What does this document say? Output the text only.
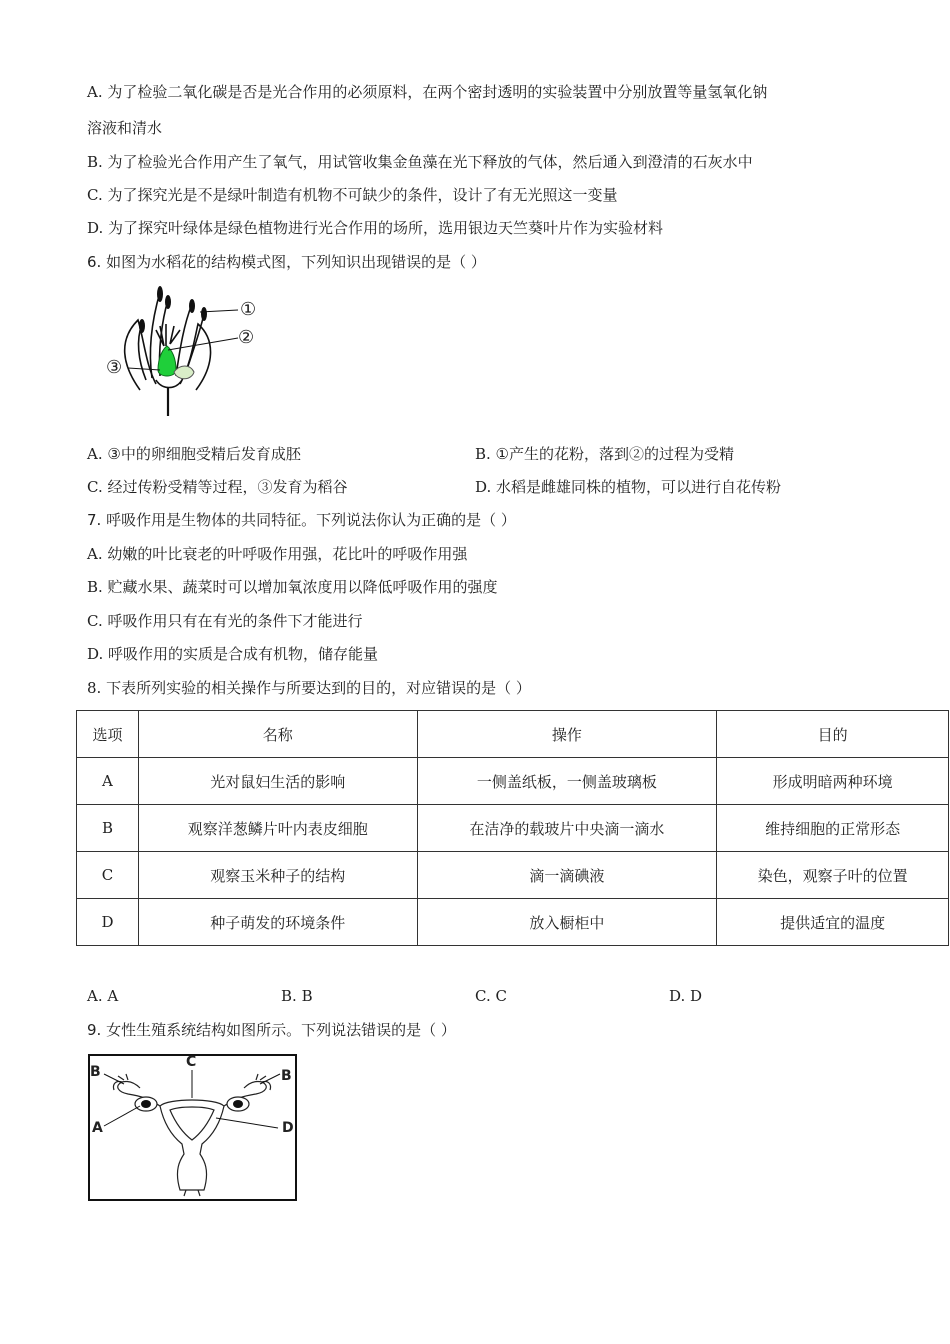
A. 为了检验二氧化碳是否是光合作用的必须原料，在两个密封透明的实验装置中分别放置等量氢氧化钠
溶液和清水
B. 为了检验光合作用产生了氧气，用试管收集金鱼藻在光下释放的气体，然后通入到澄清的石灰水中
C. 为了探究光是不是绿叶制造有机物不可缺少的条件，设计了有无光照这一变量
D. 为了探究叶绿体是绿色植物进行光合作用的场所，选用银边天竺葵叶片作为实验材料
6. 如图为水稻花的结构模式图，下列知识出现错误的是（ ）
①
②
③
A. ③中的卵细胞受精后发育成胚	B. ①产生的花粉，落到②的过程为受精
C. 经过传粉受精等过程，③发育为稻谷	D. 水稻是雌雄同株的植物，可以进行自花传粉
7. 呼吸作用是生物体的共同特征。下列说法你认为正确的是（ ）
A. 幼嫩的叶比衰老的叶呼吸作用强，花比叶的呼吸作用强
B. 贮藏水果、蔬菜时可以增加氧浓度用以降低呼吸作用的强度
C. 呼吸作用只有在有光的条件下才能进行
D. 呼吸作用的实质是合成有机物，储存能量
8. 下表所列实验的相关操作与所要达到的目的，对应错误的是（ ）
选项	名称	操作	目的
A	光对鼠妇生活的影响	一侧盖纸板，一侧盖玻璃板	形成明暗两种环境
B	观察洋葱鳞片叶内表皮细胞	在洁净的载玻片中央滴一滴水	维持细胞的正常形态
C	观察玉米种子的结构	滴一滴碘液	染色，观察子叶的位置
D	种子萌发的环境条件	放入橱柜中	提供适宜的温度
A. A	B. B	C. C	D. D
9. 女性生殖系统结构如图所示。下列说法错误的是（ ）
B	B
C
A	D
